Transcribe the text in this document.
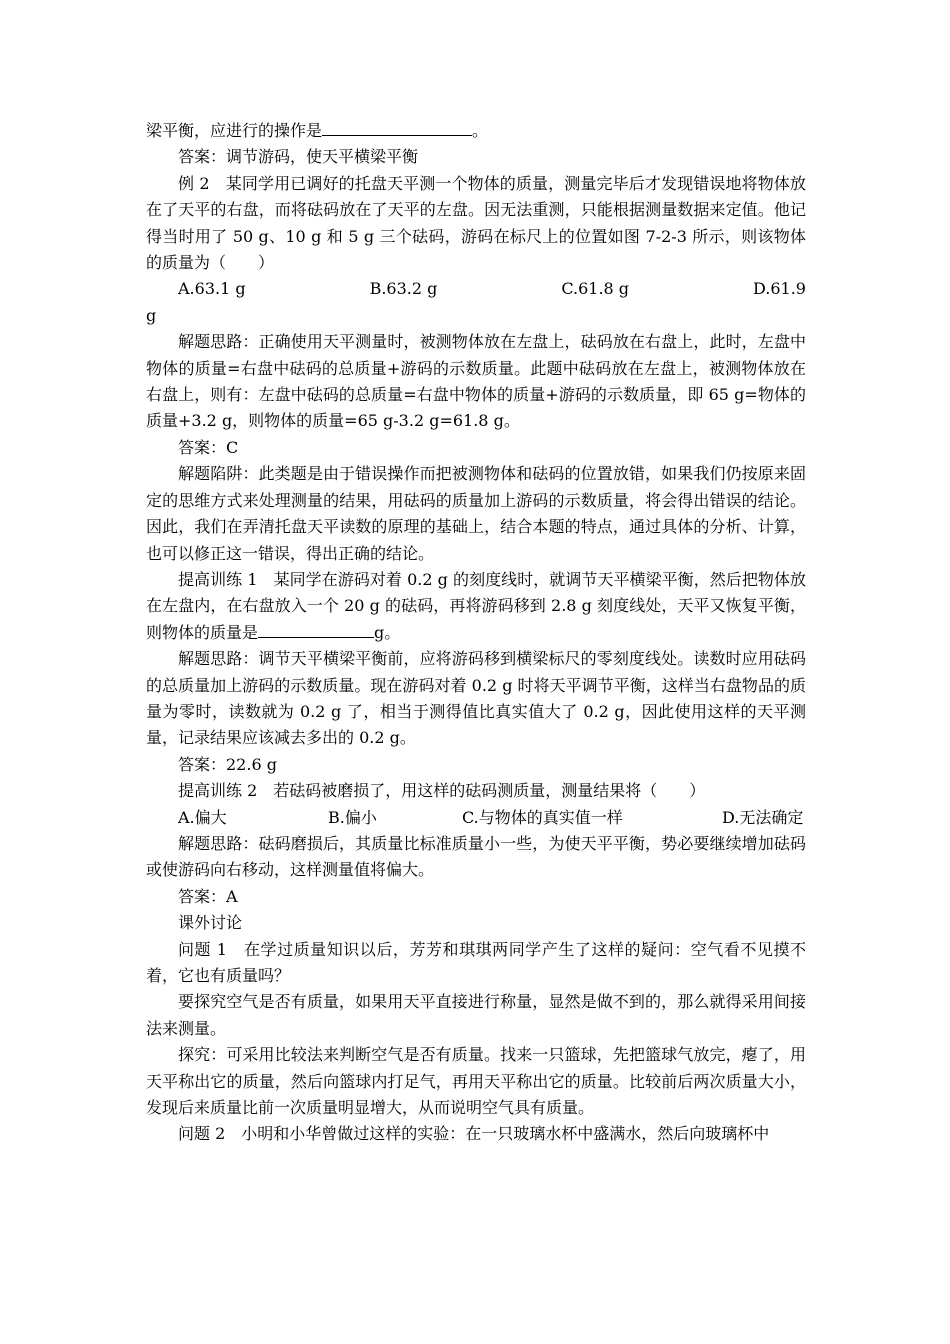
梁平衡，应进行的操作是	。

答案：调节游码，使天平横梁平衡

例 2　某同学用已调好的托盘天平测一个物体的质量，测量完毕后才发现错误地将物体放在了天平的右盘，而将砝码放在了天平的左盘。因无法重测，只能根据测量数据来定值。他记得当时用了 50 g、10 g 和 5 g 三个砝码，游码在标尺上的位置如图 7-2-3 所示，则该物体的质量为（　　）

A.63.1 g	B.63.2 g	C.61.8 g	D.61.9

g

解题思路：正确使用天平测量时，被测物体放在左盘上，砝码放在右盘上，此时，左盘中物体的质量=右盘中砝码的总质量+游码的示数质量。此题中砝码放在左盘上，被测物体放在右盘上，则有：左盘中砝码的总质量=右盘中物体的质量+游码的示数质量，即 65 g=物体的质量+3.2 g，则物体的质量=65 g-3.2 g=61.8 g。

答案：C

解题陷阱：此类题是由于错误操作而把被测物体和砝码的位置放错，如果我们仍按原来固定的思维方式来处理测量的结果，用砝码的质量加上游码的示数质量，将会得出错误的结论。因此，我们在弄清托盘天平读数的原理的基础上，结合本题的特点，通过具体的分析、计算，也可以修正这一错误，得出正确的结论。

提高训练 1　某同学在游码对着 0.2 g 的刻度线时，就调节天平横梁平衡，然后把物体放在左盘内，在右盘放入一个 20 g 的砝码，再将游码移到 2.8 g 刻度线处，天平又恢复平衡，则物体的质量是	g。

解题思路：调节天平横梁平衡前，应将游码移到横梁标尺的零刻度线处。读数时应用砝码的总质量加上游码的示数质量。现在游码对着 0.2 g 时将天平调节平衡，这样当右盘物品的质量为零时，读数就为 0.2 g 了，相当于测得值比真实值大了 0.2 g，因此使用这样的天平测量，记录结果应该减去多出的 0.2 g。

答案：22.6 g

提高训练 2　若砝码被磨损了，用这样的砝码测质量，测量结果将（　　）

A.偏大	B.偏小	C.与物体的真实值一样	D.无法确定

解题思路：砝码磨损后，其质量比标准质量小一些，为使天平平衡，势必要继续增加砝码或使游码向右移动，这样测量值将偏大。

答案：A

课外讨论

问题 1　在学过质量知识以后，芳芳和琪琪两同学产生了这样的疑问：空气看不见摸不着，它也有质量吗？

要探究空气是否有质量，如果用天平直接进行称量，显然是做不到的，那么就得采用间接法来测量。

探究：可采用比较法来判断空气是否有质量。找来一只篮球，先把篮球气放完，瘪了，用天平称出它的质量，然后向篮球内打足气，再用天平称出它的质量。比较前后两次质量大小，发现后来质量比前一次质量明显增大，从而说明空气具有质量。

问题 2　小明和小华曾做过这样的实验：在一只玻璃水杯中盛满水，然后向玻璃杯中
